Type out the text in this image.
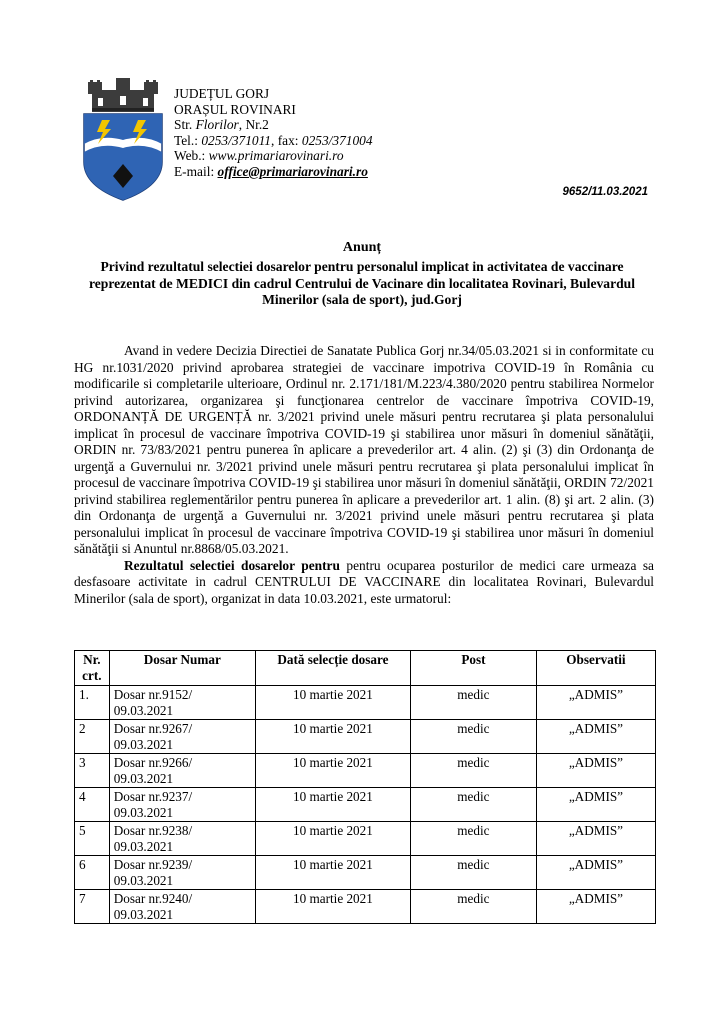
JUDEȚUL GORJ
ORAȘUL ROVINARI
Str. Florilor, Nr.2
Tel.: 0253/371011, fax: 0253/371004
Web.: www.primariarovinari.ro
E-mail: office@primariarovinari.ro
9652/11.03.2021
Anunț
Privind rezultatul selectiei dosarelor pentru personalul implicat in activitatea de vaccinare reprezentat de MEDICI din cadrul Centrului de Vacinare din localitatea Rovinari, Bulevardul Minerilor (sala de sport), jud.Gorj

Avand in vedere Decizia Directiei de Sanatate Publica Gorj nr.34/05.03.2021 si in conformitate cu HG nr.1031/2020 privind aprobarea strategiei de vaccinare impotriva COVID-19 în România cu modificarile si completarile ulterioare, Ordinul nr. 2.171/181/M.223/4.380/2020 pentru stabilirea Normelor privind autorizarea, organizarea şi funcţionarea centrelor de vaccinare împotriva COVID-19, ORDONANȚĂ DE URGENȚĂ nr. 3/2021 privind unele măsuri pentru recrutarea şi plata personalului implicat în procesul de vaccinare împotriva COVID-19 şi stabilirea unor măsuri în domeniul sănătăţii, ORDIN nr. 73/83/2021 pentru punerea în aplicare a prevederilor art. 4 alin. (2) şi (3) din Ordonanţa de urgenţă a Guvernului nr. 3/2021 privind unele măsuri pentru recrutarea şi plata personalului implicat în procesul de vaccinare împotriva COVID-19 şi stabilirea unor măsuri în domeniul sănătăţii, ORDIN 72/2021 privind stabilirea reglementărilor pentru punerea în aplicare a prevederilor art. 1 alin. (8) şi art. 2 alin. (3) din Ordonanţa de urgenţă a Guvernului nr. 3/2021 privind unele măsuri pentru recrutarea şi plata personalului implicat în procesul de vaccinare împotriva COVID-19 şi stabilirea unor măsuri în domeniul sănătăţii si Anuntul nr.8868/05.03.2021.

Rezultatul selectiei dosarelor pentru pentru ocuparea posturilor de medici care urmeaza sa desfasoare activitate in cadrul CENTRULUI DE VACCINARE din localitatea Rovinari, Bulevardul Minerilor (sala de sport), organizat in data 10.03.2021, este urmatorul:

Nr. crt.	Dosar Numar	Dată selecție dosare	Post	Observatii
1.	Dosar nr.9152/ 09.03.2021	10 martie 2021	medic	„ADMIS”
2	Dosar nr.9267/ 09.03.2021	10 martie 2021	medic	„ADMIS”
3	Dosar nr.9266/ 09.03.2021	10 martie 2021	medic	„ADMIS”
4	Dosar nr.9237/ 09.03.2021	10 martie 2021	medic	„ADMIS”
5	Dosar nr.9238/ 09.03.2021	10 martie 2021	medic	„ADMIS”
6	Dosar nr.9239/ 09.03.2021	10 martie 2021	medic	„ADMIS”
7	Dosar nr.9240/ 09.03.2021	10 martie 2021	medic	„ADMIS”
